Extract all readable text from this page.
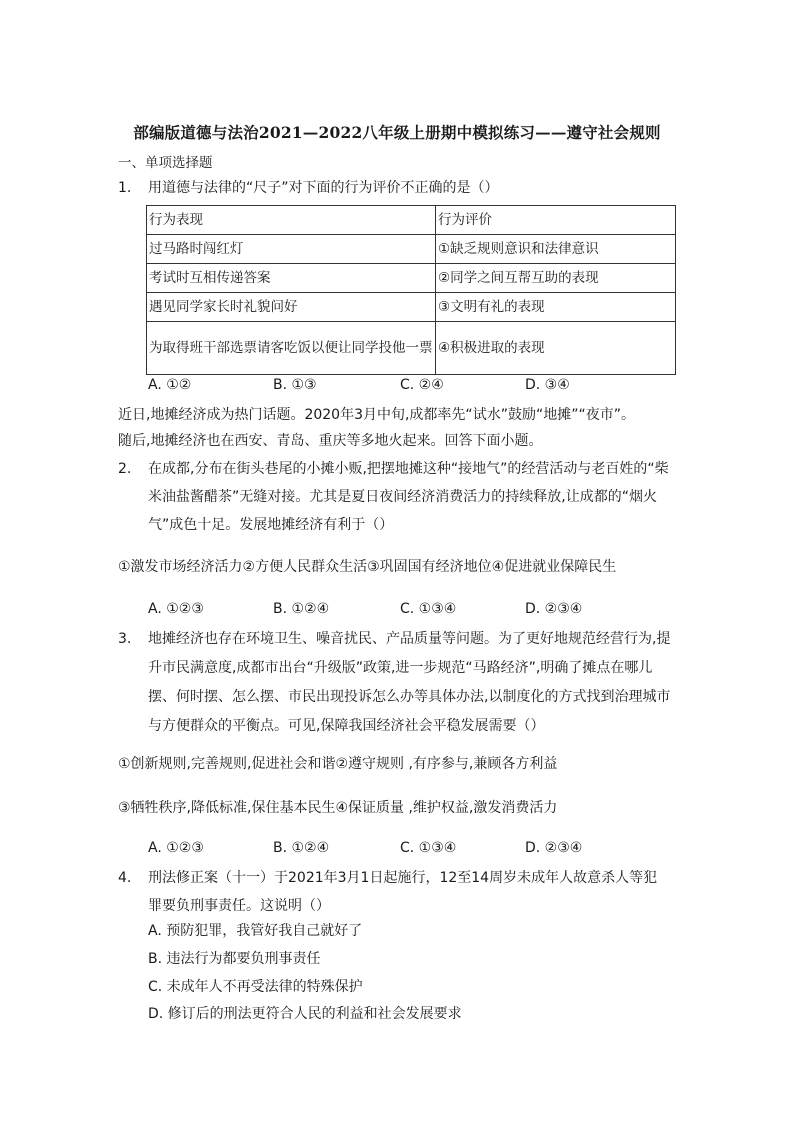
部编版道德与法治2021—2022八年级上册期中模拟练习——遵守社会规则
一、单项选择题
1. 用道德与法律的“尺子”对下面的行为评价不正确的是（）
行为表现	行为评价
过马路时闯红灯	①缺乏规则意识和法律意识
考试时互相传递答案	②同学之间互帮互助的表现
遇见同学家长时礼貌问好	③文明有礼的表现
为取得班干部选票请客吃饭以便让同学投他一票	④积极进取的表现
A. ①②	B. ①③	C. ②④	D. ③④
近日,地摊经济成为热门话题。2020年3月中旬,成都率先“试水”鼓励“地摊”“夜市”。
随后,地摊经济也在西安、青岛、重庆等多地火起来。回答下面小题。
2. 在成都,分布在街头巷尾的小摊小贩,把摆地摊这种“接地气”的经营活动与老百姓的“柴
米油盐酱醋茶”无缝对接。尤其是夏日夜间经济消费活力的持续释放,让成都的“烟火
气”成色十足。发展地摊经济有利于（）
①激发市场经济活力②方便人民群众生活③巩固国有经济地位④促进就业保障民生
A. ①②③	B. ①②④	C. ①③④	D. ②③④
3. 地摊经济也存在环境卫生、噪音扰民、产品质量等问题。为了更好地规范经营行为,提
升市民满意度,成都市出台“升级版”政策,进一步规范“马路经济”,明确了摊点在哪儿
摆、何时摆、怎么摆、市民出现投诉怎么办等具体办法,以制度化的方式找到治理城市
与方便群众的平衡点。可见,保障我国经济社会平稳发展需要（）
①创新规则,完善规则,促进社会和谐②遵守规则 ,有序参与,兼顾各方利益
③牺牲秩序,降低标准,保住基本民生④保证质量 ,维护权益,激发消费活力
A. ①②③	B. ①②④	C. ①③④	D. ②③④
4. 刑法修正案（十一）于2021年3月1日起施行，12至14周岁未成年人故意杀人等犯
罪要负刑事责任。这说明（）
A. 预防犯罪，我管好我自己就好了
B. 违法行为都要负刑事责任
C. 未成年人不再受法律的特殊保护
D. 修订后的刑法更符合人民的利益和社会发展要求
